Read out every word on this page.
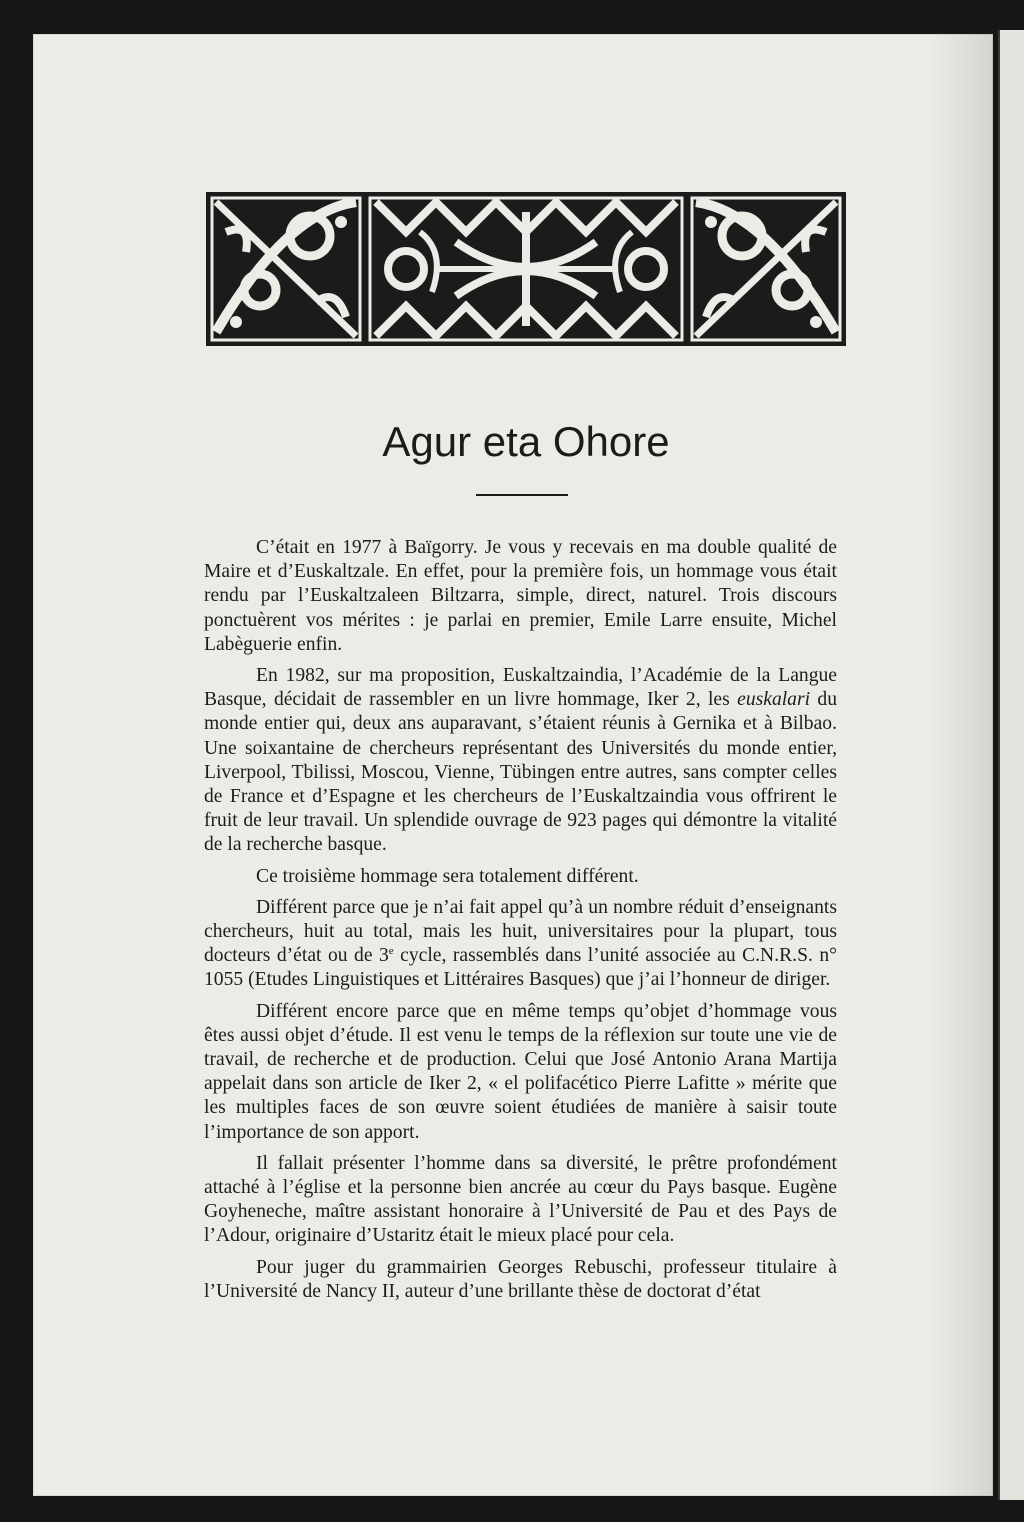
Agur eta Ohore

C’était en 1977 à Baïgorry. Je vous y recevais en ma double qualité de Maire et d’Euskaltzale. En effet, pour la première fois, un hommage vous était rendu par l’Euskaltzaleen Biltzarra, simple, direct, naturel. Trois discours ponctuèrent vos mérites : je parlai en premier, Emile Larre ensuite, Michel Labèguerie enfin.

En 1982, sur ma proposition, Euskaltzaindia, l’Académie de la Langue Basque, décidait de rassembler en un livre hommage, Iker 2, les euskalari du monde entier qui, deux ans auparavant, s’étaient réunis à Gernika et à Bilbao. Une soixantaine de chercheurs représentant des Universités du monde entier, Liverpool, Tbilissi, Moscou, Vienne, Tübingen entre autres, sans compter celles de France et d’Espagne et les chercheurs de l’Euskaltzaindia vous offrirent le fruit de leur travail. Un splendide ouvrage de 923 pages qui démontre la vitalité de la recherche basque.

Ce troisième hommage sera totalement différent.

Différent parce que je n’ai fait appel qu’à un nombre réduit d’enseignants chercheurs, huit au total, mais les huit, universitaires pour la plupart, tous docteurs d’état ou de 3e cycle, rassemblés dans l’unité associée au C.N.R.S. n° 1055 (Etudes Linguistiques et Littéraires Basques) que j’ai l’honneur de diriger.

Différent encore parce que en même temps qu’objet d’hommage vous êtes aussi objet d’étude. Il est venu le temps de la réflexion sur toute une vie de travail, de recherche et de production. Celui que José Antonio Arana Martija appelait dans son article de Iker 2, « el polifacético Pierre Lafitte » mérite que les multiples faces de son œuvre soient étudiées de manière à saisir toute l’importance de son apport.

Il fallait présenter l’homme dans sa diversité, le prêtre profondément attaché à l’église et la personne bien ancrée au cœur du Pays basque. Eugène Goyheneche, maître assistant honoraire à l’Université de Pau et des Pays de l’Adour, originaire d’Ustaritz était le mieux placé pour cela.

Pour juger du grammairien Georges Rebuschi, professeur titulaire à l’Université de Nancy II, auteur d’une brillante thèse de doctorat d’état
